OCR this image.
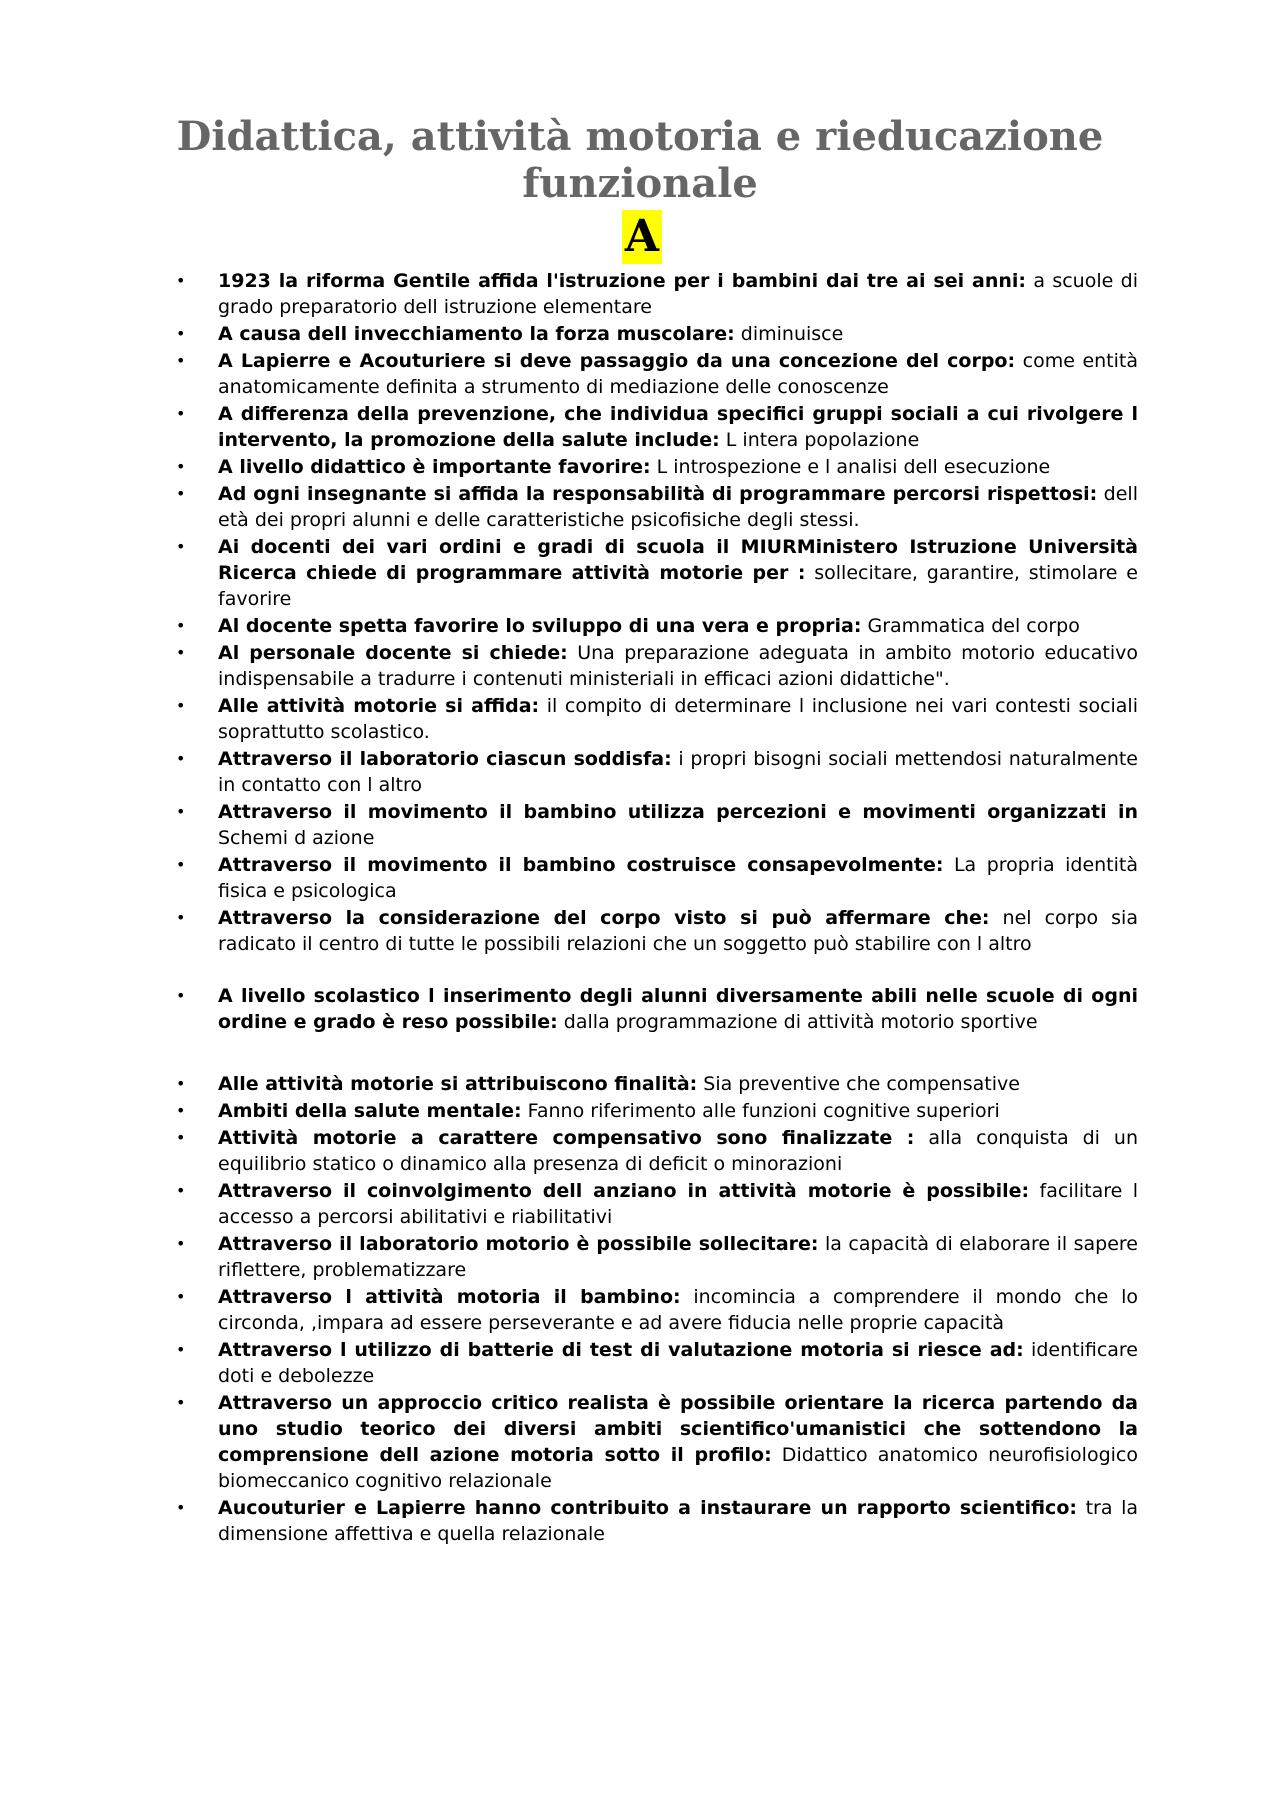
Didattica, attività motoria e rieducazione funzionale
A
• 1923 la riforma Gentile affida l'istruzione per i bambini dai tre ai sei anni: a scuole di grado preparatorio dell istruzione elementare
• A causa dell invecchiamento la forza muscolare: diminuisce
• A Lapierre e Acouturiere si deve passaggio da una concezione del corpo: come entità anatomicamente definita a strumento di mediazione delle conoscenze
• A differenza della prevenzione, che individua specifici gruppi sociali a cui rivolgere l intervento, la promozione della salute include: L intera popolazione
• A livello didattico è importante favorire: L introspezione e l analisi dell esecuzione
• Ad ogni insegnante si affida la responsabilità di programmare percorsi rispettosi: dell età dei propri alunni e delle caratteristiche psicofisiche degli stessi.
• Ai docenti dei vari ordini e gradi di scuola il MIURMinistero Istruzione Università Ricerca chiede di programmare attività motorie per : sollecitare, garantire, stimolare e favorire
• Al docente spetta favorire lo sviluppo di una vera e propria: Grammatica del corpo
• Al personale docente si chiede: Una preparazione adeguata in ambito motorio educativo indispensabile a tradurre i contenuti ministeriali in efficaci azioni didattiche".
• Alle attività motorie si affida: il compito di determinare l inclusione nei vari contesti sociali soprattutto scolastico.
• Attraverso il laboratorio ciascun soddisfa: i propri bisogni sociali mettendosi naturalmente in contatto con l altro
• Attraverso il movimento il bambino utilizza percezioni e movimenti organizzati in Schemi d azione
• Attraverso il movimento il bambino costruisce consapevolmente: La propria identità fisica e psicologica
• Attraverso la considerazione del corpo visto si può affermare che: nel corpo sia radicato il centro di tutte le possibili relazioni che un soggetto può stabilire con l altro
• A livello scolastico l inserimento degli alunni diversamente abili nelle scuole di ogni ordine e grado è reso possibile: dalla programmazione di attività motorio sportive
• Alle attività motorie si attribuiscono finalità: Sia preventive che compensative
• Ambiti della salute mentale: Fanno riferimento alle funzioni cognitive superiori
• Attività motorie a carattere compensativo sono finalizzate : alla conquista di un equilibrio statico o dinamico alla presenza di deficit o minorazioni
• Attraverso il coinvolgimento dell anziano in attività motorie è possibile: facilitare l accesso a percorsi abilitativi e riabilitativi
• Attraverso il laboratorio motorio è possibile sollecitare: la capacità di elaborare il sapere riflettere, problematizzare
• Attraverso l attività motoria il bambino: incomincia a comprendere il mondo che lo circonda, ,impara ad essere perseverante e ad avere fiducia nelle proprie capacità
• Attraverso l utilizzo di batterie di test di valutazione motoria si riesce ad: identificare doti e debolezze
• Attraverso un approccio critico realista è possibile orientare la ricerca partendo da uno studio teorico dei diversi ambiti scientifico'umanistici che sottendono la comprensione dell azione motoria sotto il profilo: Didattico anatomico neurofisiologico biomeccanico cognitivo relazionale
• Aucouturier e Lapierre hanno contribuito a instaurare un rapporto scientifico: tra la dimensione affettiva e quella relazionale
